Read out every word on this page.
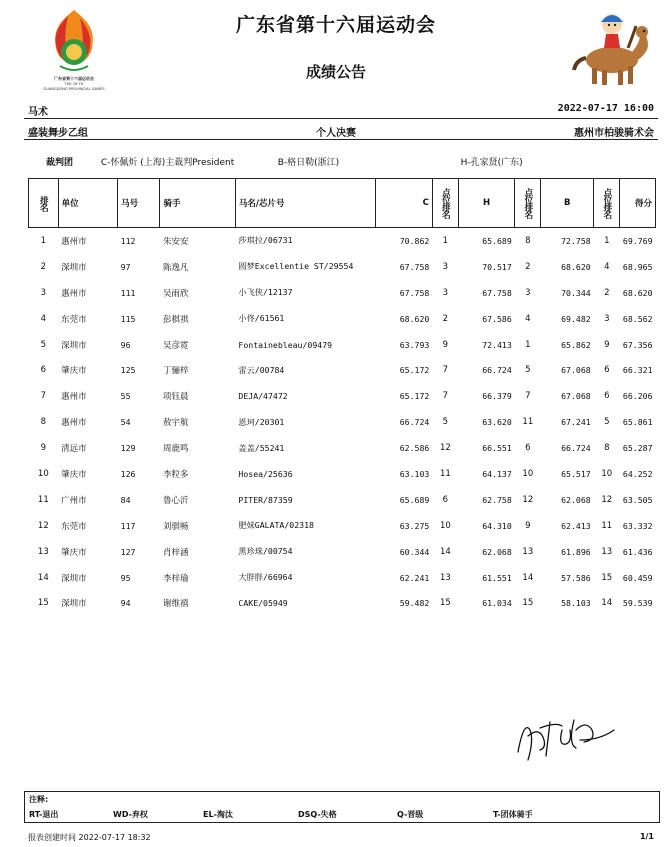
广东省第十六届运动会
THE 16 TH
GUANGDONG PROVINCIAL GAMES
广东省第十六届运动会
成绩公告
马术	2022-07-17 16:00
盛装舞步乙组	个人决赛	惠州市柏骏骑术会
裁判团	C-怀佩炘 (上海)主裁判President	B-格日勒(浙江)	H-孔家贤(广东)
排名	单位	马号	骑手	马名/芯片号	C	点位排名	H	点位排名	B	点位排名	得分
1	惠州市	112	朱安安	莎琪拉/06731	70.862	1	65.689	8	72.758	1	69.769
2	深圳市	97	陈逸凡	圆梦Excellentie ST/29554	67.758	3	70.517	2	68.620	4	68.965
3	惠州市	111	吴雨欣	小飞侠/12137	67.758	3	67.758	3	70.344	2	68.620
4	东莞市	115	彭棋祺	小佟/61561	68.620	2	67.586	4	69.482	3	68.562
5	深圳市	96	吴彦霓	Fontainebleau/09479	63.793	9	72.413	1	65.862	9	67.356
6	肇庆市	125	丁骊梓	雷云/00784	65.172	7	66.724	5	67.068	6	66.321
7	惠州市	55	项钰晨	DEJA/47472	65.172	7	66.379	7	67.068	6	66.206
8	惠州市	54	敖宇航	恩珂/20301	66.724	5	63.620	11	67.241	5	65.861
9	清远市	129	周鹿鸣	盖盖/55241	62.586	12	66.551	6	66.724	8	65.287
10	肇庆市	126	李粒多	Hosea/25636	63.103	11	64.137	10	65.517	10	64.252
11	广州市	84	鲁心沂	PITER/87359	65.689	6	62.758	12	62.068	12	63.505
12	东莞市	117	刘骐畅	肥妹GALATA/02318	63.275	10	64.310	9	62.413	11	63.332
13	肇庆市	127	肖梓涵	黑珍珠/00754	60.344	14	62.068	13	61.896	13	61.436
14	深圳市	95	李梓瑜	大胖胖/66964	62.241	13	61.551	14	57.586	15	60.459
15	深圳市	94	谢维禧	CAKE/05949	59.482	15	61.034	15	58.103	14	59.539
注释:
RT-退出	WD-弃权	EL-淘汰	DSQ-失格	Q-晋级	T-团体骑手
报表创建时间 2022-07-17 18:32	1/1
